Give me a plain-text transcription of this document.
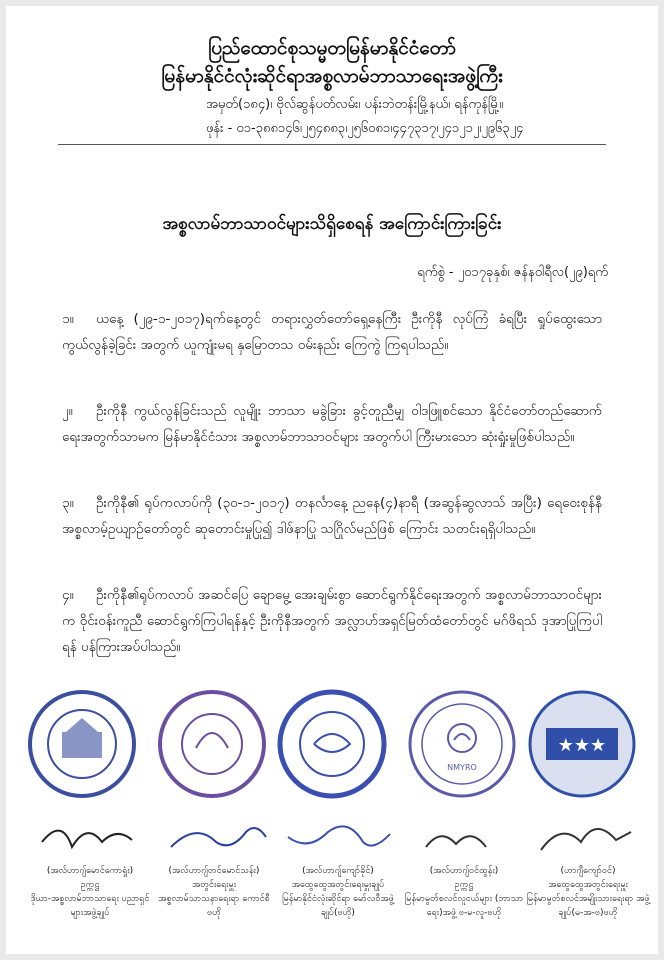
ပြည်ထောင်စုသမ္မတမြန်မာနိုင်ငံတော်
မြန်မာနိုင်ငံလုံးဆိုင်ရာအစ္စလာမ်ဘာသာရေးအဖွဲ့ကြီး
အမှတ်(၁၈၄)၊ ဗိုလ်ဆွန်ပတ်လမ်း၊ ပန်းဘဲတန်းမြို့နယ်၊ ရန်ကုန်မြို့။
ဖုန်း - ၀၁-၃၈၈၁၄၆၊၂၅၄၈၈၃၊၂၅၆၀၈၁၊၄၄၇၃၁၇၊၂၄၁၂၁၂၊၂၉၆၃၂၄
အစ္စလာမ်ဘာသာဝင်များသိရှိစေရန် အကြောင်းကြားခြင်း
ရက်စွဲ - ၂၀၁၇ခုနှစ်၊ ဇန်နဝါရီလ(၂၉)ရက်
၁။ ယနေ့ (၂၉-၁-၂၀၁၇)ရက်နေ့တွင် တရားလွှတ်တော်ရှေ့နေကြီး ဦးကိုနီ လုပ်ကြံ ခံရပြီး ရှုပ်ထွေးသော ကွယ်လွန်ခဲ့ခြင်း အတွက် ယူကျုံးမရ နှမြောတသ ဝမ်းနည်း ကြေကွဲ ကြရပါသည်။
၂။ ဦးကိုနီ ကွယ်လွန်ခြင်းသည် လူမျိုး ဘာသာ မခွဲခြား ခွင့်တူညီမျှ ဝါဒဖြူစင်သော နိုင်ငံတော်တည်ဆောက်ရေးအတွက်သာမက မြန်မာနိုင်ငံသား အစ္စလာမ်ဘာသာဝင်များ အတွက်ပါ ကြီးမားသော ဆုံးရှုံးမှုဖြစ်ပါသည်။
၃။ ဦးကိုနီ၏ ရုပ်ကလာပ်ကို (၃၀-၁-၂၀၁၇) တနင်္လာနေ့ ညနေ(၄)နာရီ (အဆွန်ဆွလာသ် အပြီး) ရေဝေးစုန်နီအစ္စလာမ့်ဥယျာဉ်တော်တွင် ဆုတောင်းမှုပြု၍ ဒါဖ်နာပြု သဂြိုလ်မည်ဖြစ် ကြောင်း သတင်းရရှိပါသည်။
၄။ ဦးကိုနီ၏ရုပ်ကလာပ် အဆင်ပြေ ချောမွေ့ အေးချမ်းစွာ ဆောင်ရွက်နိုင်ရေးအတွက် အစ္စလာမ်ဘာသာဝင်များက ဝိုင်းဝန်းကူညီ ဆောင်ရွက်ကြပါရန်နှင့် ဦးကိုနီအတွက် အလ္လာဟ်အရှင်မြတ်ထံတော်တွင် မဂ်ဖိရသ် ဒုအာပြုကြပါရန် ပန်ကြားအပ်ပါသည်။
NMYRO
★★★
(အလ်ဟာဂျ်မောင်ကောရှုံး)
ဥက္ကဋ္ဌ
ဒိုယာ-အစ္စလာမ်ဘာသာရေး ပညာရှင်များအဖွဲ့ချုပ်
(အလ်ဟာဂျ်တင်မောင်သန်း)
အတွင်းရေးမှူး
အစ္စလာမ်သာသနာရေးရာ ကောင်စီဗဟို
(အလ်ဟာဂျ်ကျော်ခိုင်)
အထွေထွေအတွင်းရေးမှူးချုပ်
မြန်မာနိုင်ငံလုံးဆိုင်ရာ မော်လဝီအဖွဲ့ချုပ်(ဗဟို)
(အလ်ဟာဂျ်ဝင်ထွန်း)
ဥက္ကဋ္ဌ
မြန်မာမွတ်စလင်လူငယ်များ (ဘာသာရေး)အဖွဲ့ ဗ-မ-လူ-ဗဟို
(ဟာဂျီကျော်ဝင်)
အထွေထွေအတွင်းရေးမှူး
မြန်မာမွတ်စလင်အမျိုးသားရေးရာ အဖွဲ့ချုပ်(မ-အ-ဗ)ဗဟို
